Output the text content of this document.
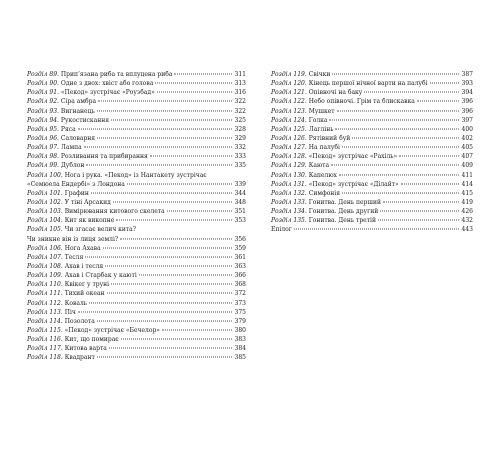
Розділ 89. Прип’язана риба та вплуцена риба	311
Розділ 90. Одне з двох: хвіст або голова	313
Розділ 91. «Пекод» зустрічає «Роузбад»	316
Розділ 92. Сіра амбра	322
Розділ 93. Вигнанець	322
Розділ 94. Рукостискання	325
Розділ 95. Ряса	328
Розділ 96. Саловарня	329
Розділ 97. Лампа	332
Розділ 98. Розливання та прибирання	333
Розділ 99. Дублон	335
Розділ 100. Нога і рука. «Пекод» із Нантакету зустрічає
«Семюела Ендербі» з Лондона	339
Розділ 101. Графин	344
Розділ 102. У тіні Арсакид	348
Розділ 103. Вимірювання китового скелета	351
Розділ 104. Кит як викопне	353
Розділ 105. Чи згасає велич кита?
Чи зникне він із лиця землі?	356
Розділ 106. Нога Ахава	359
Розділ 107. Тесля	361
Розділ 108. Ахав і тесля	363
Розділ 109. Ахав і Старбак у каюті	366
Розділ 110. Квікег у труні	368
Розділ 111. Тихий океан	372
Розділ 112. Коваль	373
Розділ 113. Піч	375
Розділ 114. Позолота	379
Розділ 115. «Пекод» зустрічає «Бечелор»	380
Розділ 116. Кит, що помирає	383
Розділ 117. Китова варта	384
Розділ 118. Квадрант	385
Розділ 119. Свічки	387
Розділ 120. Кінець першої нічної варти на палубі	393
Розділ 121. Опівночі на баку	394
Розділ 122. Небо опівночі. Грім та блискавка	396
Розділ 123. Мушкет	396
Розділ 124. Голка	397
Розділ 125. Лаглінь	400
Розділ 126. Рятівний буй	402
Розділ 127. На палубі	405
Розділ 128. «Пекод» зустрічає «Рахіль»	407
Розділ 129. Каюта	409
Розділ 130. Капелюх	411
Розділ 131. «Пекод» зустрічає «Ділайт»	414
Розділ 132. Симфонія	415
Розділ 133. Гонитва. День перший	419
Розділ 134. Гонитва. День другий	426
Розділ 135. Гонитва. День третій	432
Епілог	443
